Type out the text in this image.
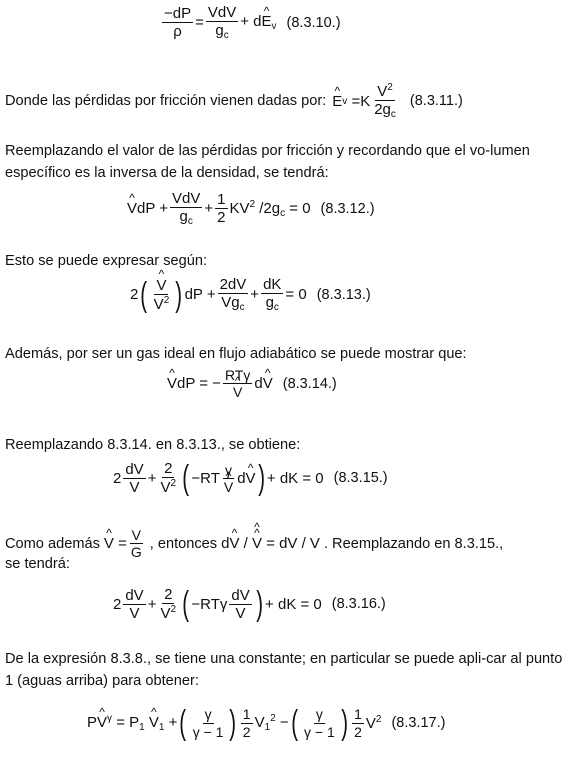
$\frac{-dP}{\rho} = \frac{\text{VdV}}{g_c}$ + d^ $E_v$ (8.3.10.)
Donde las pérdidas por fricción vienen dadas por: ^ E $v =K \frac{V^2}{2g_c} (8.3.11.)$
Reemplazando el valor de las pérdidas por fricción y recordando que el vo-lumen específico es la inversa de la densidad, se tendrá:
^ VdP + $\frac{\text{VdV}}{g_c} + \frac{1}{2} KV^2$ $/2g_c = 0$ (8.3.12.)
Esto se puede expresar según:
2 ( ^ $\frac{V}{V^2}$ ) dP + $\frac{2dV}{Vg_c} + \frac{dK}{g_c} = 0$ (8.3.13.)
Además, por ser un gas ideal en flujo adiabático se puede mostrar que:
^ VdP = − RTγ
^ V d^ V (8.3.14.)
Reemplazando 8.3.14. en 8.3.13., se obtiene:
$2 \frac{dV}{V} + \frac{2}{V^2}$ ( −RT γ
^ V d^ V ) + dK = 0 (8.3.15.)
Como además ^ $V = \frac{V}{G}$ , entonces d^ V / ^ V ^ = dV / V . Reemplazando en 8.3.15.,
se tendrá:
$2 \frac{dV}{V} + \frac{2}{V^2}$ ( $-RT\gamma \frac{dV}{V}$ ) + dK = 0 (8.3.16.)
De la expresión 8.3.8., se tiene una constante; en particular se puede apli-car al punto 1 (aguas arriba) para obtener:
P^ $V^\gamma = P_1$ ^ $V_1$ + ( $\frac{\gamma}{\gamma - 1}$ ) $\frac{1}{2} V_1^2$ − ( $\frac{\gamma}{\gamma - 1}$ ) $\frac{1}{2} V^2$ (8.3.17.)
